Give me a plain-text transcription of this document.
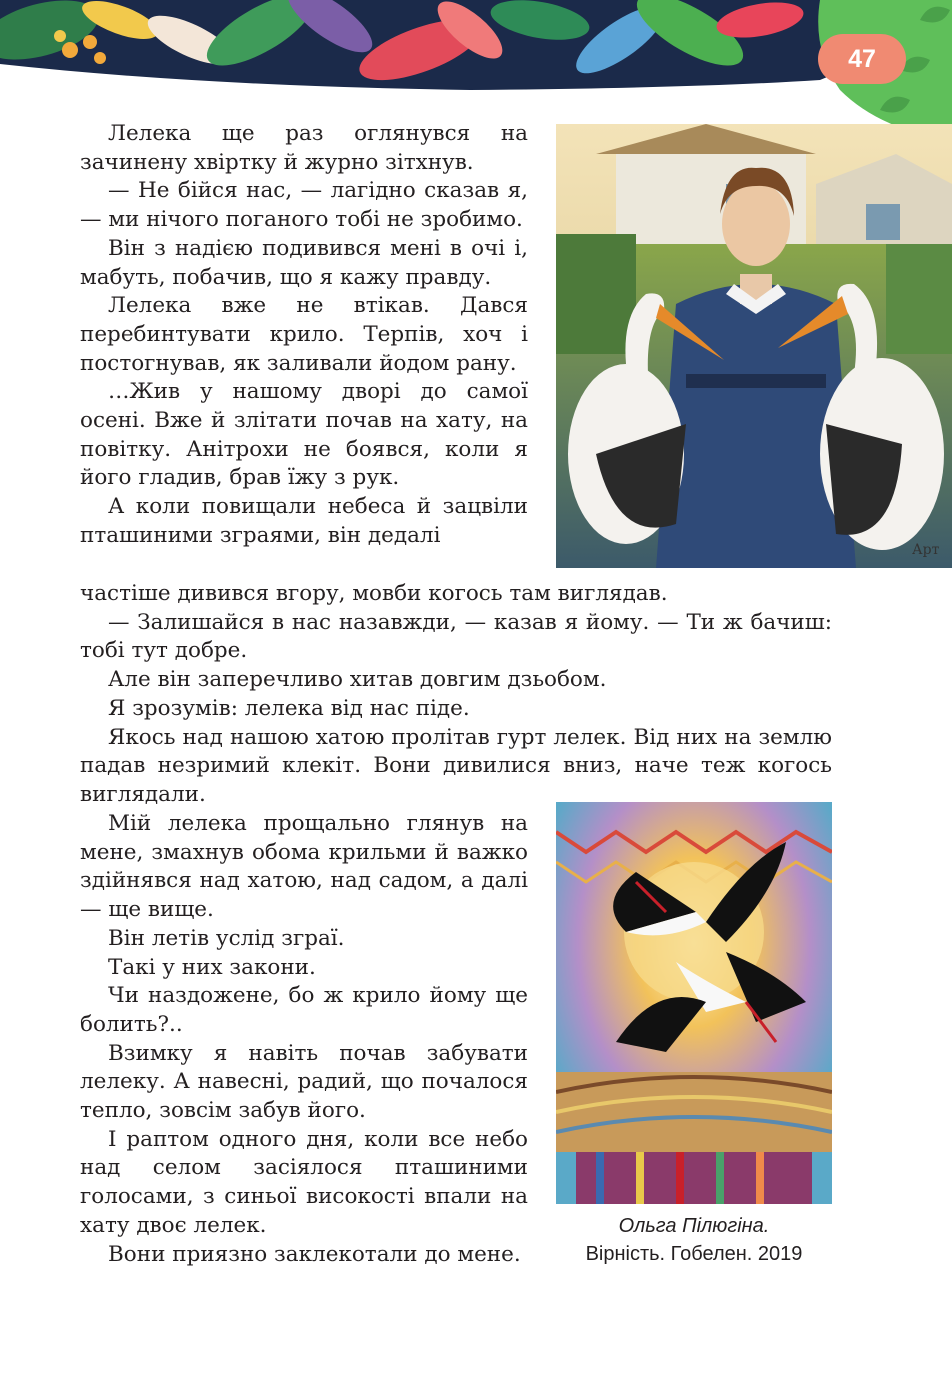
47

Лелека ще раз оглянувся на зачинену хвіртку й журно зітхнув.

— Не бійся нас, — лагідно сказав я, — ми нічого поганого тобі не зробимо.

Він з надією подивився мені в очі і, мабуть, побачив, що я кажу правду.

Лелека вже не втікав. Дався перебинтувати крило. Терпів, хоч і постогнував, як заливали йодом рану.

…Жив у нашому дворі до самої осені. Вже й злітати почав на хату, на повітку. Анітрохи не боявся, коли я його гладив, брав їжу з рук.

А коли повищали небеса й зацвіли пташиними зграями, він дедалі

Арт

частіше дивився вгору, мовби когось там виглядав.

— Залишайся в нас назавжди, — казав я йому. — Ти ж бачиш: тобі тут добре.

Але він заперечливо хитав довгим дзьобом.

Я зрозумів: лелека від нас піде.

Якось над нашою хатою пролітав гурт лелек. Від них на землю падав незримий клекіт. Вони дивилися вниз, наче теж когось виглядали.

Мій лелека прощально глянув на мене, змахнув обома крильми й важко здійнявся над хатою, над садом, а далі — ще вище.

Він летів услід зграї.

Такі у них закони.

Чи наздожене, бо ж крило йому ще болить?..

Взимку я навіть почав забувати лелеку. А навесні, радий, що почалося тепло, зовсім забув його.

І раптом одного дня, коли все небо над селом засіялося пташиними голосами, з синьої високості впали на хату двоє лелек.

Вони приязно заклекотали до мене.

Ольга Пілюгіна.
Вірність. Гобелен. 2019
